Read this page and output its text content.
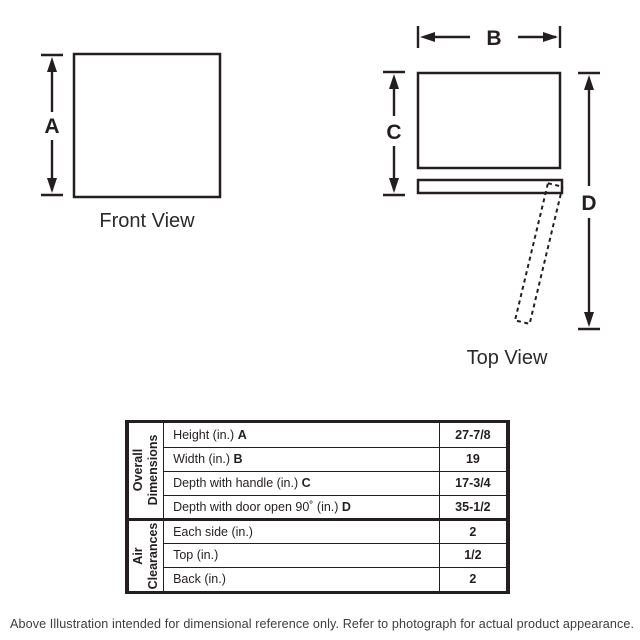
A
Front View
B
C
D
Top View
Overall Dimensions	Height (in.) A	27-7/8
	Width (in.) B	19
	Depth with handle (in.) C	17-3/4
	Depth with door open 90˚ (in.) D	35-1/2

Air Clearances	Each side (in.)	2
	Top (in.)	1/2
	Back (in.)	2
Above Illustration intended for dimensional reference only. Refer to photograph for actual product appearance.
